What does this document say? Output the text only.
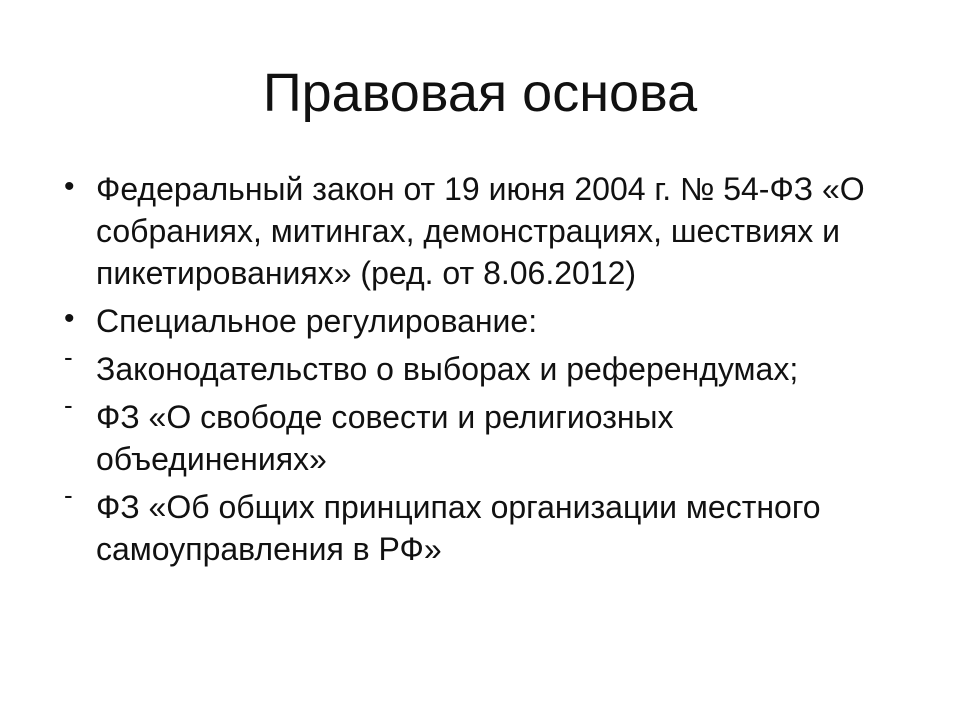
Правовая основа
• Федеральный закон от 19 июня 2004 г. № 54-ФЗ «О собраниях, митингах, демонстрациях, шествиях и пикетированиях» (ред. от 8.06.2012)
• Специальное регулирование:
- Законодательство о выборах и референдумах;
- ФЗ «О свободе совести и религиозных объединениях»
- ФЗ «Об общих принципах организации местного самоуправления в РФ»
